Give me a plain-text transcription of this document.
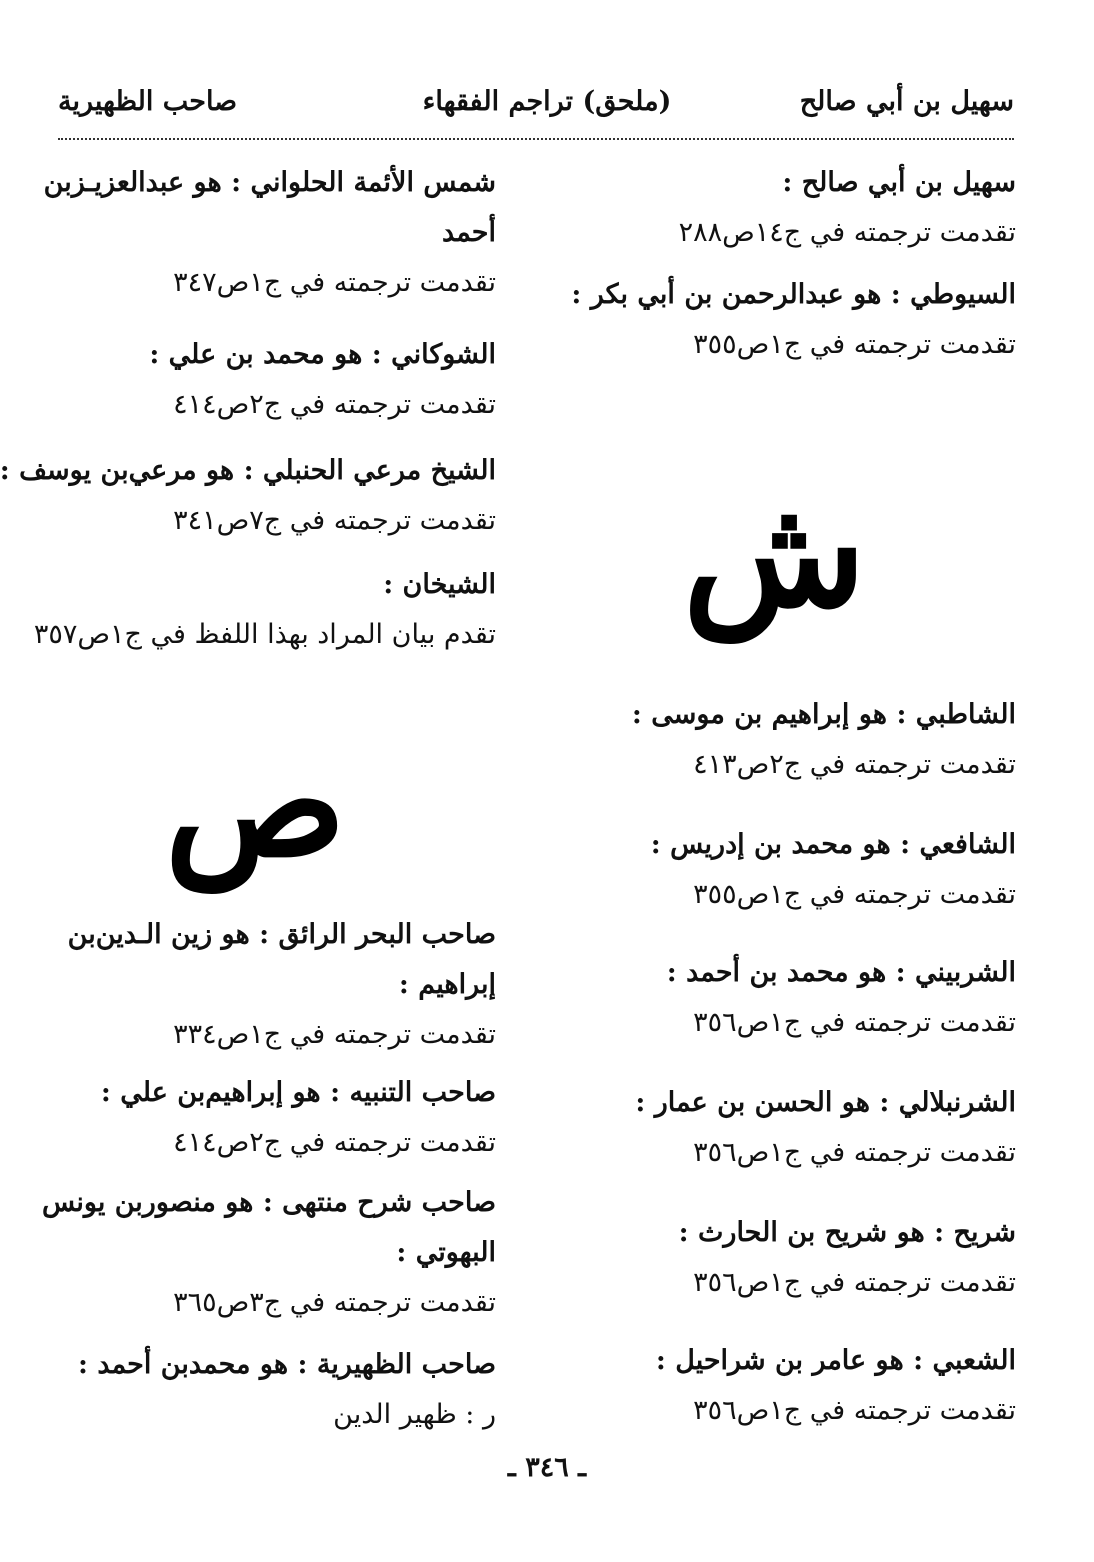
سهيل بن أبي صالح
(ملحق) تراجم الفقهاء
صاحب الظهيرية
سهيل بن أبي صالح :
تقدمت ترجمته في ج١٤ص٢٨٨
السيوطي : هو عبدالرحمن بن أبي بكر :
تقدمت ترجمته في ج١ص٣٥٥
ش
الشاطبي : هو إبراهيم بن موسى :
تقدمت ترجمته في ج٢ص٤١٣
الشافعي : هو محمد بن إدريس :
تقدمت ترجمته في ج١ص٣٥٥
الشربيني : هو محمد بن أحمد :
تقدمت ترجمته في ج١ص٣٥٦
الشرنبلالي : هو الحسن بن عمار :
تقدمت ترجمته في ج١ص٣٥٦
شريح : هو شريح بن الحارث :
تقدمت ترجمته في ج١ص٣٥٦
الشعبي : هو عامر بن شراحيل :
تقدمت ترجمته في ج١ص٣٥٦
شمس الأئمة الحلواني : هو عبدالعزيـزبن
أحمد
تقدمت ترجمته في ج١ص٣٤٧
الشوكاني : هو محمد بن علي :
تقدمت ترجمته في ج٢ص٤١٤
الشيخ مرعي الحنبلي : هو مرعي‌بن يوسف :
تقدمت ترجمته في ج٧ص٣٤١
الشيخان :
تقدم بيان المراد بهذا اللفظ في ج١ص٣٥٧
ص
صاحب البحر الرائق : هو زين الـدين‌بن
إبراهيم :
تقدمت ترجمته في ج١ص٣٣٤
صاحب التنبيه : هو إبراهيم‌بن علي :
تقدمت ترجمته في ج٢ص٤١٤
صاحب شرح منتهى : هو منصوربن يونس
البهوتي :
تقدمت ترجمته في ج٣ص٣٦٥
صاحب الظهيرية : هو محمدبن أحمد :
ر : ظهير الدين
ـ ٣٤٦ ـ
